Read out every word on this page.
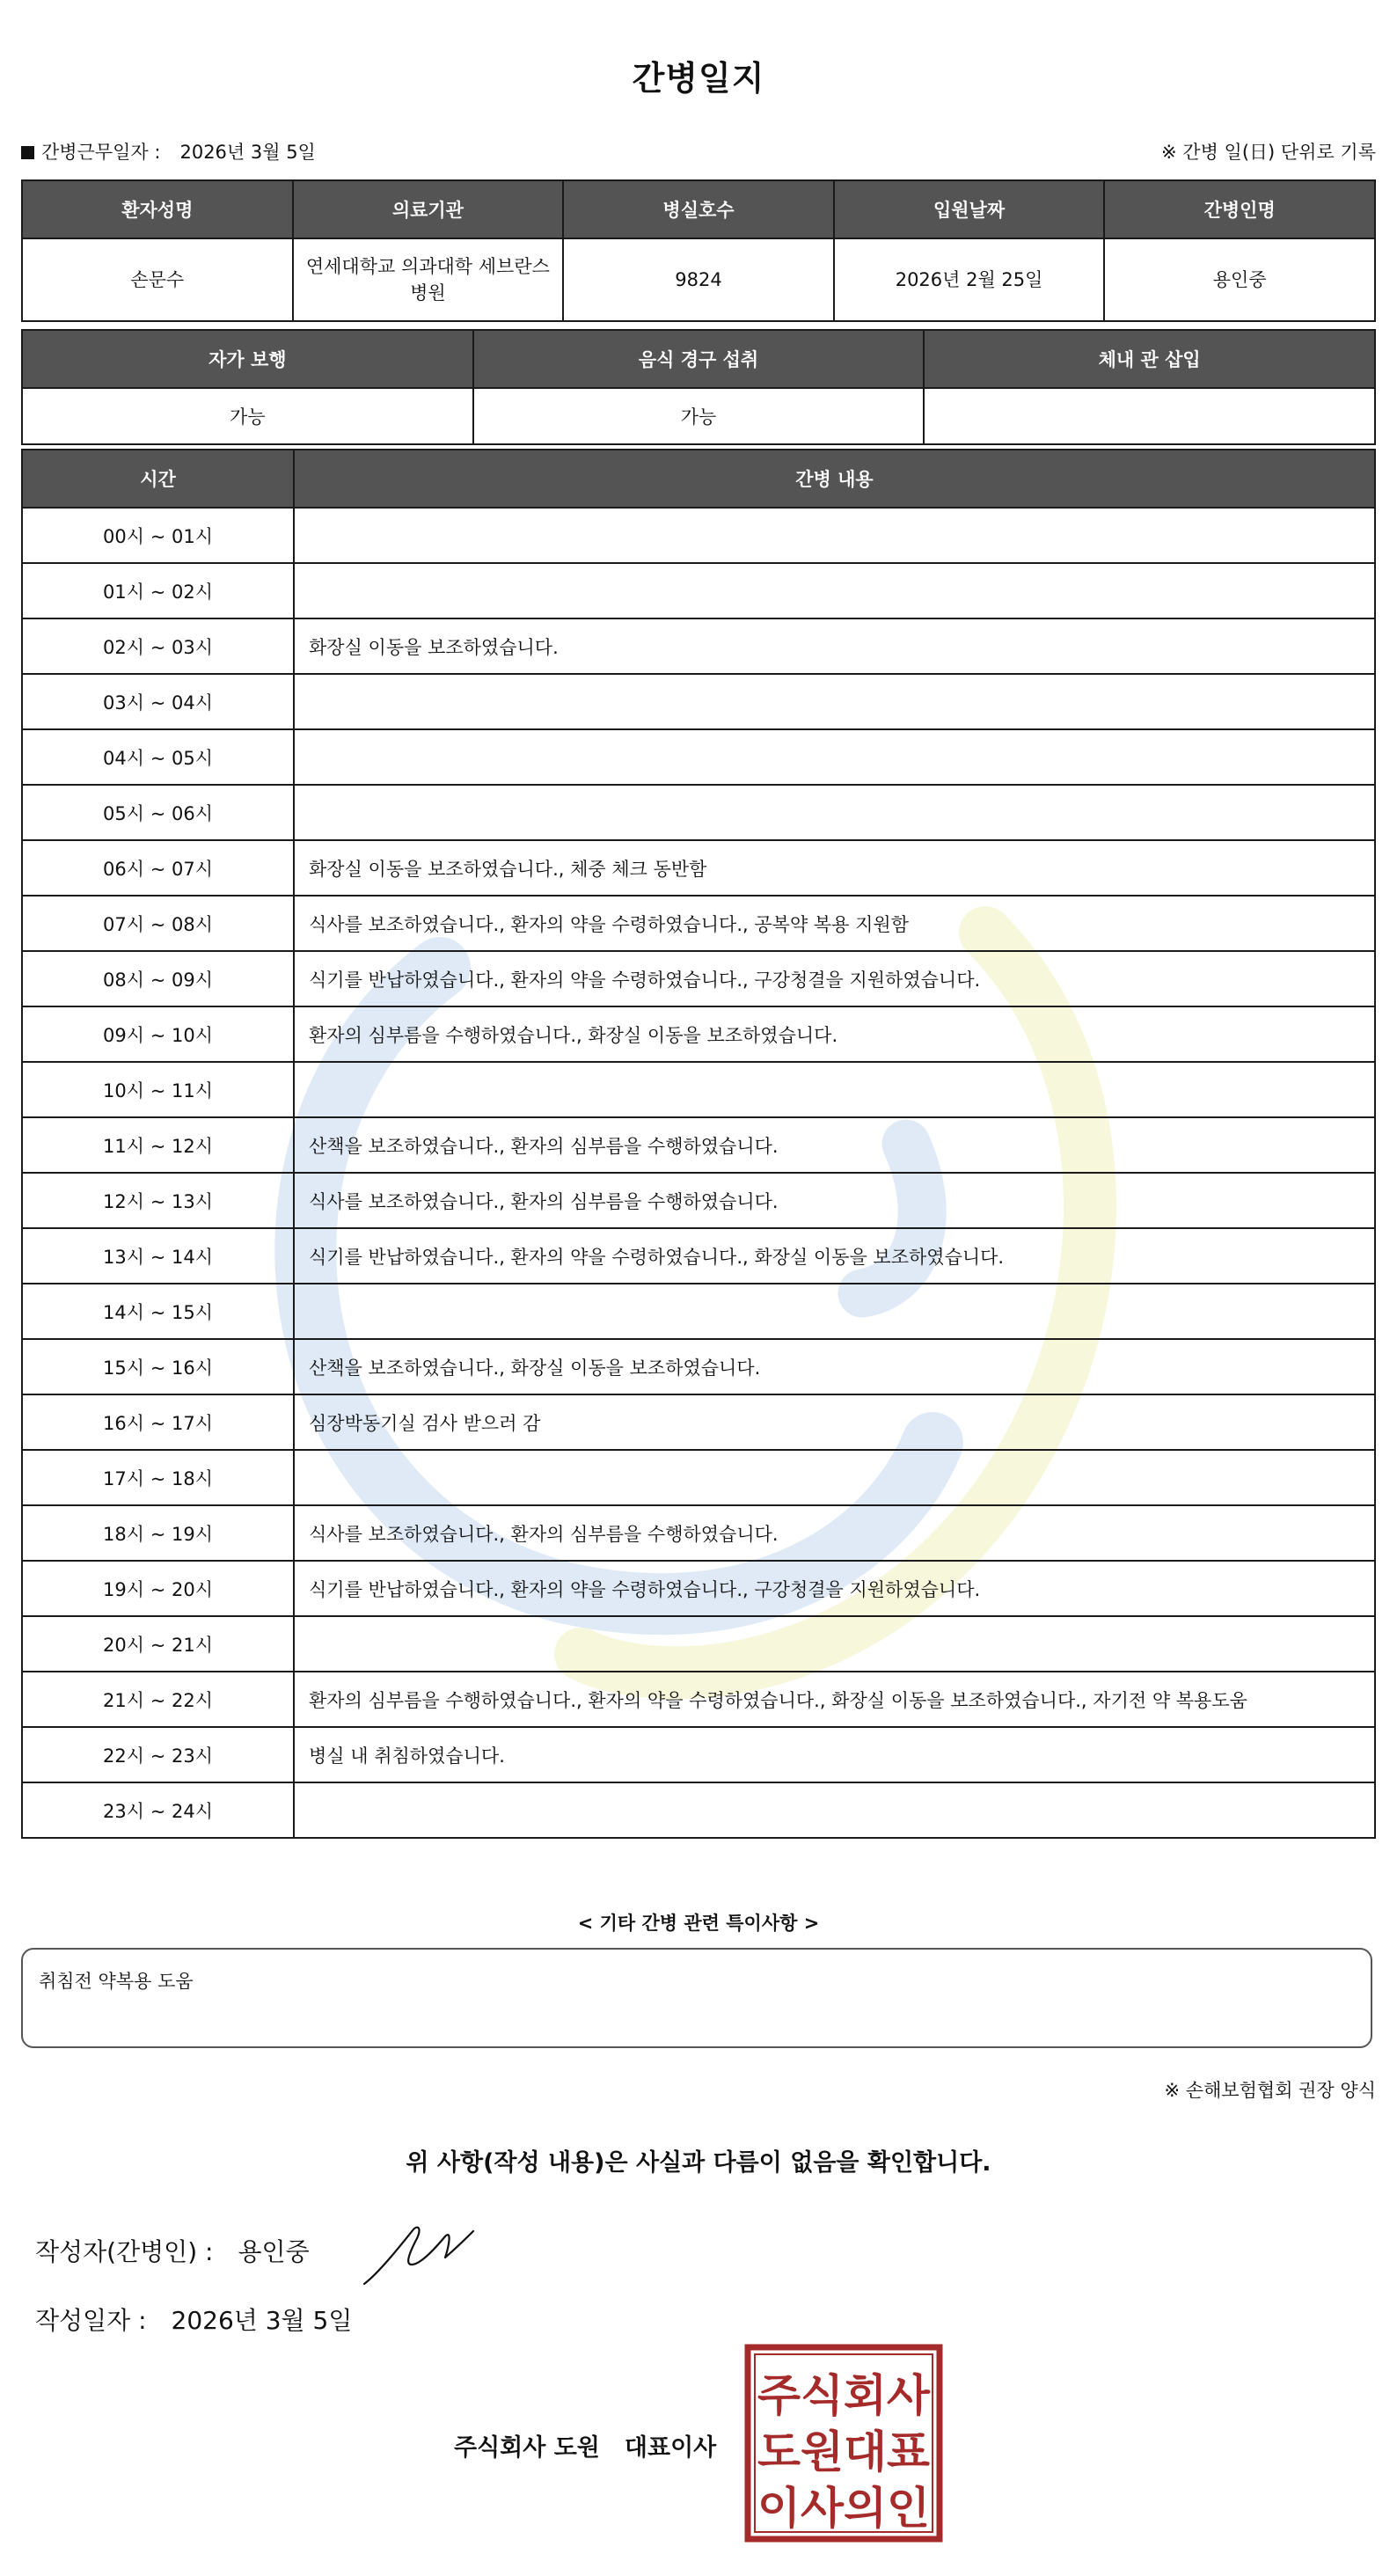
간병일지
간병근무일자 : 2026년 3월 5일	※ 간병 일(日) 단위로 기록
환자성명	의료기관	병실호수	입원날짜	간병인명
손문수	연세대학교 의과대학 세브란스병원	9824	2026년 2월 25일	용인중
자가 보행	음식 경구 섭취	체내 관 삽입
가능	가능	
시간	간병 내용
00시 ~ 01시	
01시 ~ 02시	
02시 ~ 03시	화장실 이동을 보조하였습니다.
03시 ~ 04시	
04시 ~ 05시	
05시 ~ 06시	
06시 ~ 07시	화장실 이동을 보조하였습니다., 체중 체크 동반함
07시 ~ 08시	식사를 보조하였습니다., 환자의 약을 수령하였습니다., 공복약 복용 지원함
08시 ~ 09시	식기를 반납하였습니다., 환자의 약을 수령하였습니다., 구강청결을 지원하였습니다.
09시 ~ 10시	환자의 심부름을 수행하였습니다., 화장실 이동을 보조하였습니다.
10시 ~ 11시	
11시 ~ 12시	산책을 보조하였습니다., 환자의 심부름을 수행하였습니다.
12시 ~ 13시	식사를 보조하였습니다., 환자의 심부름을 수행하였습니다.
13시 ~ 14시	식기를 반납하였습니다., 환자의 약을 수령하였습니다., 화장실 이동을 보조하였습니다.
14시 ~ 15시	
15시 ~ 16시	산책을 보조하였습니다., 화장실 이동을 보조하였습니다.
16시 ~ 17시	심장박동기실 검사 받으러 감
17시 ~ 18시	
18시 ~ 19시	식사를 보조하였습니다., 환자의 심부름을 수행하였습니다.
19시 ~ 20시	식기를 반납하였습니다., 환자의 약을 수령하였습니다., 구강청결을 지원하였습니다.
20시 ~ 21시	
21시 ~ 22시	환자의 심부름을 수행하였습니다., 환자의 약을 수령하였습니다., 화장실 이동을 보조하였습니다., 자기전 약 복용도움
22시 ~ 23시	병실 내 취침하였습니다.
23시 ~ 24시	
< 기타 간병 관련 특이사항 >
취침전 약복용 도움
※ 손해보험협회 권장 양식
위 사항(작성 내용)은 사실과 다름이 없음을 확인합니다.
작성자(간병인) : 용인중
작성일자 : 2026년 3월 5일
주식회사 도원 대표이사
주식회사
도원대표
이사의인
